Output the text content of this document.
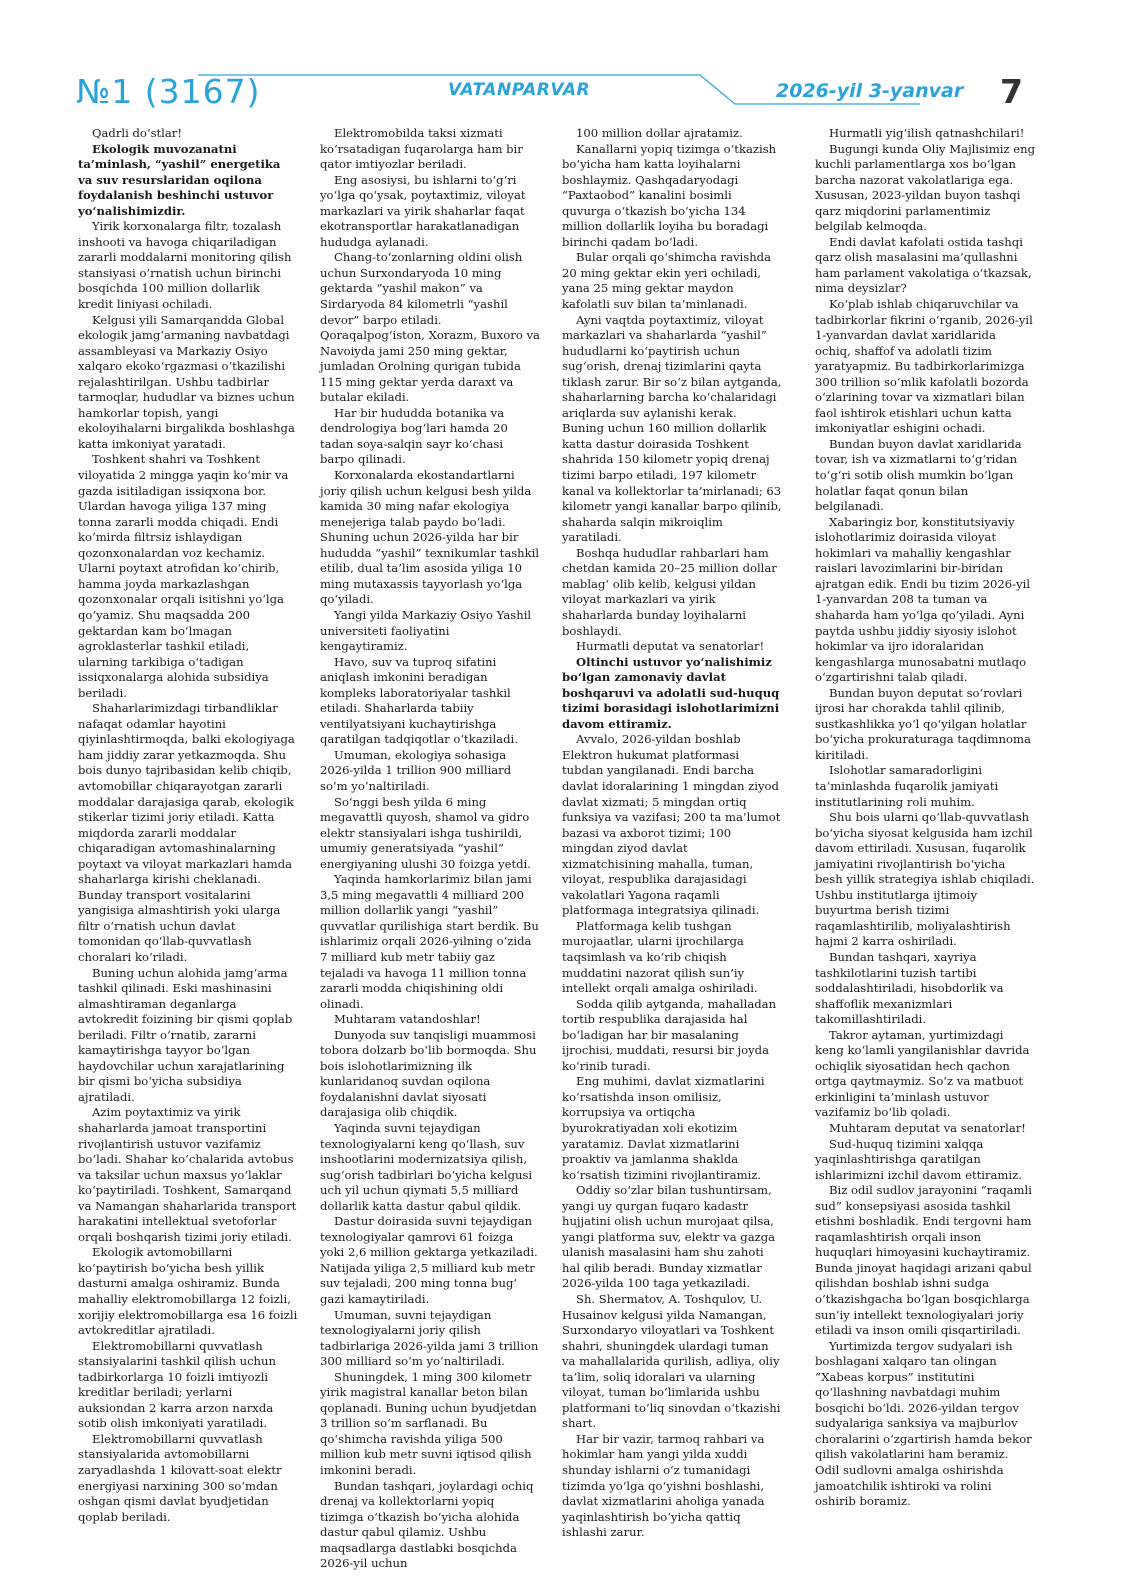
№1 (3167)	VATANPARVAR	2026-yil 3-yanvar 7

Qadrli do‘stlar!

Ekologik muvozanatni ta’minlash, “yashil” energetika va suv resurslaridan oqilona foydalanish beshinchi ustuvor yo‘nalishimizdir.

Yirik korxonalarga filtr, tozalash inshooti va havoga chiqariladigan zararli moddalarni monitoring qilish stansiyasi o‘rnatish uchun birinchi bosqichda 100 million dollarlik kredit liniyasi ochiladi.

Kelgusi yili Samarqandda Global ekologik jamg‘armaning navbatdagi assambleyasi va Markaziy Osiyo xalqaro ekoko‘rgazmasi o‘tkazilishi rejalashtirilgan. Ushbu tadbirlar tarmoqlar, hududlar va biznes uchun hamkorlar topish, yangi ekoloyihalarni birgalikda boshlashga katta imkoniyat yaratadi.

Toshkent shahri va Toshkent viloyatida 2 mingga yaqin ko‘mir va gazda isitiladigan issiqxona bor. Ulardan havoga yiliga 137 ming tonna zararli modda chiqadi. Endi ko‘mirda filtrsiz ishlaydigan qozonxonalardan voz kechamiz. Ularni poytaxt atrofidan ko‘chirib, hamma joyda markazlashgan qozonxonalar orqali isitishni yo‘lga qo‘yamiz. Shu maqsadda 200 gektardan kam bo‘lmagan agroklasterlar tashkil etiladi, ularning tarkibiga o‘tadigan issiqxonalarga alohida subsidiya beriladi.

Shaharlarimizdagi tirbandliklar nafaqat odamlar hayotini qiyinlashtirmoqda, balki ekologiyaga ham jiddiy zarar yetkazmoqda. Shu bois dunyo tajribasidan kelib chiqib, avtomobillar chiqarayotgan zararli moddalar darajasiga qarab, ekologik stikerlar tizimi joriy etiladi. Katta miqdorda zararli moddalar chiqaradigan avtomashinalarning poytaxt va viloyat markazlari hamda shaharlarga kirishi cheklanadi. Bunday transport vositalarini yangisiga almashtirish yoki ularga filtr o‘rnatish uchun davlat tomonidan qo‘llab-quvvatlash choralari ko‘riladi.

Buning uchun alohida jamg‘arma tashkil qilinadi. Eski mashinasini almashtiraman deganlarga avtokredit foizining bir qismi qoplab beriladi. Filtr o‘rnatib, zararni kamaytirishga tayyor bo‘lgan haydovchilar uchun xarajatlarining bir qismi bo‘yicha subsidiya ajratiladi.

Azim poytaxtimiz va yirik shaharlarda jamoat transportini rivojlantirish ustuvor vazifamiz bo‘ladi. Shahar ko‘chalarida avtobus va taksilar uchun maxsus yo‘laklar ko‘paytiriladi. Toshkent, Samarqand va Namangan shaharlarida transport harakatini intellektual svetoforlar orqali boshqarish tizimi joriy etiladi.

Ekologik avtomobillarni ko‘paytirish bo‘yicha besh yillik dasturni amalga oshiramiz. Bunda mahalliy elektromobillarga 12 foizli, xorijiy elektromobillarga esa 16 foizli avtokreditlar ajratiladi.

Elektromobillarni quvvatlash stansiyalarini tashkil qilish uchun tadbirkorlarga 10 foizli imtiyozli kreditlar beriladi; yerlarni auksiondan 2 karra arzon narxda sotib olish imkoniyati yaratiladi.

Elektromobillarni quvvatlash stansiyalarida avtomobillarni zaryadlashda 1 kilovatt-soat elektr energiyasi narxining 300 so‘mdan oshgan qismi davlat byudjetidan qoplab beriladi.

Elektromobilda taksi xizmati ko‘rsatadigan fuqarolarga ham bir qator imtiyozlar beriladi.

Eng asosiysi, bu ishlarni to‘g‘ri yo‘lga qo‘ysak, poytaxtimiz, viloyat markazlari va yirik shaharlar faqat ekotransportlar harakatlanadigan hududga aylanadi.

Chang-to‘zonlarning oldini olish uchun Surxondaryoda 10 ming gektarda “yashil makon” va Sirdaryoda 84 kilometrli “yashil devor” barpo etiladi. Qoraqalpog‘iston, Xorazm, Buxoro va Navoiyda jami 250 ming gektar, jumladan Orolning qurigan tubida 115 ming gektar yerda daraxt va butalar ekiladi.

Har bir hududda botanika va dendrologiya bog‘lari hamda 20 tadan soya-salqin sayr ko‘chasi barpo qilinadi.

Korxonalarda ekostandartlarni joriy qilish uchun kelgusi besh yilda kamida 30 ming nafar ekologiya menejeriga talab paydo bo‘ladi. Shuning uchun 2026-yilda har bir hududda “yashil” texnikumlar tashkil etilib, dual ta’lim asosida yiliga 10 ming mutaxassis tayyorlash yo‘lga qo‘yiladi.

Yangi yilda Markaziy Osiyo Yashil universiteti faoliyatini kengaytiramiz.

Havo, suv va tuproq sifatini aniqlash imkonini beradigan kompleks laboratoriyalar tashkil etiladi. Shaharlarda tabiiy ventilyatsiyani kuchaytirishga qaratilgan tadqiqotlar o‘tkaziladi.

Umuman, ekologiya sohasiga 2026-yilda 1 trillion 900 milliard so‘m yo‘naltiriladi.

So‘nggi besh yilda 6 ming megavattli quyosh, shamol va gidro elektr stansiyalari ishga tushirildi, umumiy generatsiyada “yashil” energiyaning ulushi 30 foizga yetdi.

Yaqinda hamkorlarimiz bilan jami 3,5 ming megavattli 4 milliard 200 million dollarlik yangi “yashil” quvvatlar qurilishiga start berdik. Bu ishlarimiz orqali 2026-yilning o‘zida 7 milliard kub metr tabiiy gaz tejaladi va havoga 11 million tonna zararli modda chiqishining oldi olinadi.

Muhtaram vatandoshlar!

Dunyoda suv tanqisligi muammosi tobora dolzarb bo‘lib bormoqda. Shu bois islohotlarimizning ilk kunlaridanoq suvdan oqilona foydalanishni davlat siyosati darajasiga olib chiqdik.

Yaqinda suvni tejaydigan texnologiyalarni keng qo‘llash, suv inshootlarini modernizatsiya qilish, sug‘orish tadbirlari bo‘yicha kelgusi uch yil uchun qiymati 5,5 milliard dollarlik katta dastur qabul qildik.

Dastur doirasida suvni tejaydigan texnologiyalar qamrovi 61 foizga yoki 2,6 million gektarga yetkaziladi. Natijada yiliga 2,5 milliard kub metr suv tejaladi, 200 ming tonna bug‘ gazi kamaytiriladi.

Umuman, suvni tejaydigan texnologiyalarni joriy qilish tadbirlariga 2026-yilda jami 3 trillion 300 milliard so‘m yo‘naltiriladi.

Shuningdek, 1 ming 300 kilometr yirik magistral kanallar beton bilan qoplanadi. Buning uchun byudjetdan 3 trillion so‘m sarflanadi. Bu qo‘shimcha ravishda yiliga 500 million kub metr suvni iqtisod qilish imkonini beradi.

Bundan tashqari, joylardagi ochiq drenaj va kollektorlarni yopiq tizimga o‘tkazish bo‘yicha alohida dastur qabul qilamiz. Ushbu maqsadlarga dastlabki bosqichda 2026-yil uchun

100 million dollar ajratamiz.

Kanallarni yopiq tizimga o‘tkazish bo‘yicha ham katta loyihalarni boshlaymiz. Qashqadaryodagi “Paxtaobod” kanalini bosimli quvurga o‘tkazish bo‘yicha 134 million dollarlik loyiha bu boradagi birinchi qadam bo‘ladi.

Bular orqali qo‘shimcha ravishda 20 ming gektar ekin yeri ochiladi, yana 25 ming gektar maydon kafolatli suv bilan ta’minlanadi.

Ayni vaqtda poytaxtimiz, viloyat markazlari va shaharlarda “yashil” hududlarni ko‘paytirish uchun sug‘orish, drenaj tizimlarini qayta tiklash zarur. Bir so‘z bilan aytganda, shaharlarning barcha ko‘chalaridagi ariqlarda suv aylanishi kerak. Buning uchun 160 million dollarlik katta dastur doirasida Toshkent shahrida 150 kilometr yopiq drenaj tizimi barpo etiladi, 197 kilometr kanal va kollektorlar ta’mirlanadi; 63 kilometr yangi kanallar barpo qilinib, shaharda salqin mikroiqlim yaratiladi.

Boshqa hududlar rahbarlari ham chetdan kamida 20–25 million dollar mablag‘ olib kelib, kelgusi yildan viloyat markazlari va yirik shaharlarda bunday loyihalarni boshlaydi.

Hurmatli deputat va senatorlar!

Oltinchi ustuvor yo‘nalishimiz bo‘lgan zamonaviy davlat boshqaruvi va adolatli sud-huquq tizimi borasidagi islohotlarimizni davom ettiramiz.

Avvalo, 2026-yildan boshlab Elektron hukumat platformasi tubdan yangilanadi. Endi barcha davlat idoralarining 1 mingdan ziyod davlat xizmati; 5 mingdan ortiq funksiya va vazifasi; 200 ta ma’lumot bazasi va axborot tizimi; 100 mingdan ziyod davlat xizmatchisining mahalla, tuman, viloyat, respublika darajasidagi vakolatlari Yagona raqamli platformaga integratsiya qilinadi.

Platformaga kelib tushgan murojaatlar, ularni ijrochilarga taqsimlash va ko‘rib chiqish muddatini nazorat qilish sun’iy intellekt orqali amalga oshiriladi.

Sodda qilib aytganda, mahalladan tortib respublika darajasida hal bo‘ladigan har bir masalaning ijrochisi, muddati, resursi bir joyda ko‘rinib turadi.

Eng muhimi, davlat xizmatlarini ko‘rsatishda inson omilisiz, korrupsiya va ortiqcha byurokratiyadan xoli ekotizim yaratamiz. Davlat xizmatlarini proaktiv va jamlanma shaklda ko‘rsatish tizimini rivojlantiramiz.

Oddiy so‘zlar bilan tushuntirsam, yangi uy qurgan fuqaro kadastr hujjatini olish uchun murojaat qilsa, yangi platforma suv, elektr va gazga ulanish masalasini ham shu zahoti hal qilib beradi. Bunday xizmatlar 2026-yilda 100 taga yetkaziladi.

Sh. Shermatov, A. Toshqulov, U. Husainov kelgusi yilda Namangan, Surxondaryo viloyatlari va Toshkent shahri, shuningdek ulardagi tuman va mahallalarida qurilish, adliya, oliy ta’lim, soliq idoralari va ularning viloyat, tuman bo‘limlarida ushbu platformani to‘liq sinovdan o‘tkazishi shart.

Har bir vazir, tarmoq rahbari va hokimlar ham yangi yilda xuddi shunday ishlarni o‘z tumanidagi tizimda yo‘lga qo‘yishni boshlashi, davlat xizmatlarini aholiga yanada yaqinlashtirish bo‘yicha qattiq ishlashi zarur.

Hurmatli yig‘ilish qatnashchilari!

Bugungi kunda Oliy Majlisimiz eng kuchli parlamentlarga xos bo‘lgan barcha nazorat vakolatlariga ega. Xususan, 2023-yildan buyon tashqi qarz miqdorini parlamentimiz belgilab kelmoqda.

Endi davlat kafolati ostida tashqi qarz olish masalasini ma’qullashni ham parlament vakolatiga o‘tkazsak, nima deysizlar?

Ko‘plab ishlab chiqaruvchilar va tadbirkorlar fikrini o‘rganib, 2026-yil 1-yanvardan davlat xaridlarida ochiq, shaffof va adolatli tizim yaratyapmiz. Bu tadbirkorlarimizga 300 trillion so‘mlik kafolatli bozorda o‘zlarining tovar va xizmatlari bilan faol ishtirok etishlari uchun katta imkoniyatlar eshigini ochadi.

Bundan buyon davlat xaridlarida tovar, ish va xizmatlarni to‘g‘ridan to‘g‘ri sotib olish mumkin bo‘lgan holatlar faqat qonun bilan belgilanadi.

Xabaringiz bor, konstitutsiyaviy islohotlarimiz doirasida viloyat hokimlari va mahalliy kengashlar raislari lavozimlarini bir-biridan ajratgan edik. Endi bu tizim 2026-yil 1-yanvardan 208 ta tuman va shaharda ham yo‘lga qo‘yiladi. Ayni paytda ushbu jiddiy siyosiy islohot hokimlar va ijro idoralaridan kengashlarga munosabatni mutlaqo o‘zgartirishni talab qiladi.

Bundan buyon deputat so‘rovlari ijrosi har chorakda tahlil qilinib, sustkashlikka yo‘l qo‘yilgan holatlar bo‘yicha prokuraturaga taqdimnoma kiritiladi.

Islohotlar samaradorligini ta’minlashda fuqarolik jamiyati institutlarining roli muhim.

Shu bois ularni qo‘llab-quvvatlash bo‘yicha siyosat kelgusida ham izchil davom ettiriladi. Xususan, fuqarolik jamiyatini rivojlantirish bo‘yicha besh yillik strategiya ishlab chiqiladi. Ushbu institutlarga ijtimoiy buyurtma berish tizimi raqamlashtirilib, moliyalashtirish hajmi 2 karra oshiriladi.

Bundan tashqari, xayriya tashkilotlarini tuzish tartibi soddalashtiriladi, hisobdorlik va shaffoflik mexanizmlari takomillashtiriladi.

Takror aytaman, yurtimizdagi keng ko‘lamli yangilanishlar davrida ochiqlik siyosatidan hech qachon ortga qaytmaymiz. So‘z va matbuot erkinligini ta’minlash ustuvor vazifamiz bo‘lib qoladi.

Muhtaram deputat va senatorlar!

Sud-huquq tizimini xalqqa yaqinlashtirishga qaratilgan ishlarimizni izchil davom ettiramiz.

Biz odil sudlov jarayonini “raqamli sud” konsepsiyasi asosida tashkil etishni boshladik. Endi tergovni ham raqamlashtirish orqali inson huquqlari himoyasini kuchaytiramiz. Bunda jinoyat haqidagi arizani qabul qilishdan boshlab ishni sudga o‘tkazishgacha bo‘lgan bosqichlarga sun’iy intellekt texnologiyalari joriy etiladi va inson omili qisqartiriladi.

Yurtimizda tergov sudyalari ish boshlagani xalqaro tan olingan “Xabeas korpus” institutini qo‘llashning navbatdagi muhim bosqichi bo‘ldi. 2026-yildan tergov sudyalariga sanksiya va majburlov choralarini o‘zgartirish hamda bekor qilish vakolatlarini ham beramiz. Odil sudlovni amalga oshirishda jamoatchilik ishtiroki va rolini oshirib boramiz.
